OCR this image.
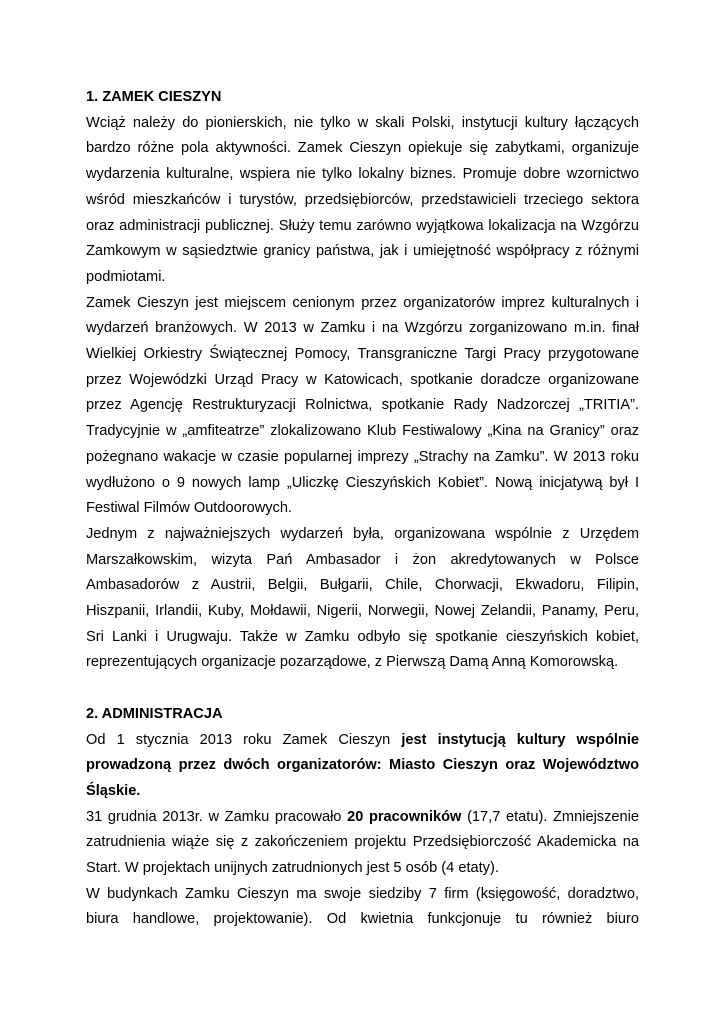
1. ZAMEK CIESZYN

Wciąż należy do pionierskich, nie tylko w skali Polski, instytucji kultury łączących bardzo różne pola aktywności. Zamek Cieszyn opiekuje się zabytkami, organizuje wydarzenia kulturalne, wspiera nie tylko lokalny biznes. Promuje dobre wzornictwo wśród mieszkańców i turystów, przedsiębiorców, przedstawicieli trzeciego sektora oraz administracji publicznej. Służy temu zarówno wyjątkowa lokalizacja na Wzgórzu Zamkowym w sąsiedztwie granicy państwa, jak i umiejętność współpracy z różnymi podmiotami.

Zamek Cieszyn jest miejscem cenionym przez organizatorów imprez kulturalnych i wydarzeń branżowych. W 2013 w Zamku i na Wzgórzu zorganizowano m.in. finał Wielkiej Orkiestry Świątecznej Pomocy, Transgraniczne Targi Pracy przygotowane przez Wojewódzki Urząd Pracy w Katowicach, spotkanie doradcze organizowane przez Agencję Restrukturyzacji Rolnictwa, spotkanie Rady Nadzorczej „TRITIA”. Tradycyjnie w „amfiteatrze” zlokalizowano Klub Festiwalowy „Kina na Granicy” oraz pożegnano wakacje w czasie popularnej imprezy „Strachy na Zamku”. W 2013 roku wydłużono o 9 nowych lamp „Uliczkę Cieszyńskich Kobiet”. Nową inicjatywą był I Festiwal Filmów Outdoorowych.

Jednym z najważniejszych wydarzeń była, organizowana wspólnie z Urzędem Marszałkowskim, wizyta Pań Ambasador i żon akredytowanych w Polsce Ambasadorów z Austrii, Belgii, Bułgarii, Chile, Chorwacji, Ekwadoru, Filipin, Hiszpanii, Irlandii, Kuby, Mołdawii, Nigerii, Norwegii, Nowej Zelandii, Panamy, Peru, Sri Lanki i Urugwaju. Także w Zamku odbyło się spotkanie cieszyńskich kobiet, reprezentujących organizacje pozarządowe, z Pierwszą Damą Anną Komorowską.

2. ADMINISTRACJA

Od 1 stycznia 2013 roku Zamek Cieszyn jest instytucją kultury wspólnie prowadzoną przez dwóch organizatorów: Miasto Cieszyn oraz Województwo Śląskie.

31 grudnia 2013r. w Zamku pracowało 20 pracowników (17,7 etatu). Zmniejszenie zatrudnienia wiąże się z zakończeniem projektu Przedsiębiorczość Akademicka na Start. W projektach unijnych zatrudnionych jest 5 osób (4 etaty).

W budynkach Zamku Cieszyn ma swoje siedziby 7 firm (księgowość, doradztwo, biura handlowe, projektowanie). Od kwietnia funkcjonuje tu również biuro
